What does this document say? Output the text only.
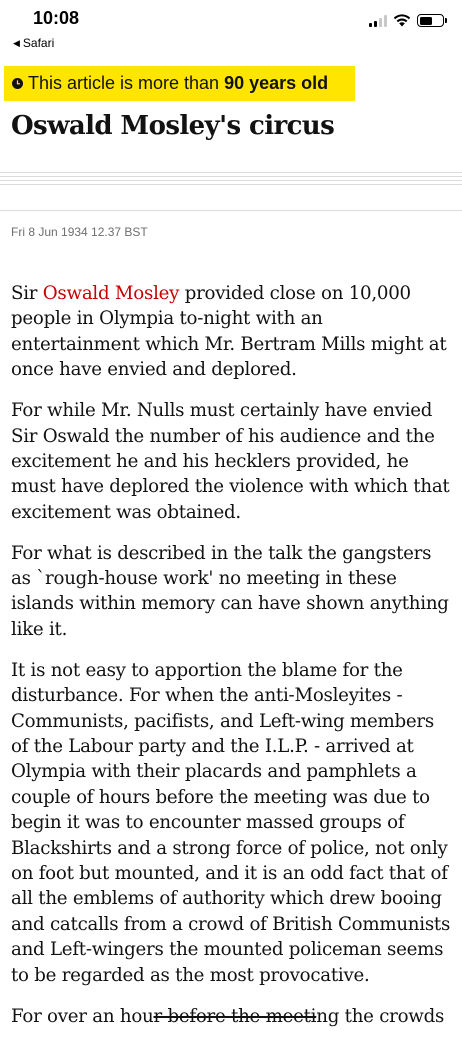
10:08
◀ Safari
This article is more than 90 years old
Oswald Mosley's circus
Fri 8 Jun 1934 12.37 BST

Sir Oswald Mosley provided close on 10,000 people in Olympia to-night with an entertainment which Mr. Bertram Mills might at once have envied and deplored.

For while Mr. Nulls must certainly have envied Sir Oswald the number of his audience and the excitement he and his hecklers provided, he must have deplored the violence with which that excitement was obtained.

For what is described in the talk the gangsters as `rough-house work' no meeting in these islands within memory can have shown anything like it.

It is not easy to apportion the blame for the disturbance. For when the anti-Mosleyites - Communists, pacifists, and Left-wing members of the Labour party and the I.L.P. - arrived at Olympia with their placards and pamphlets a couple of hours before the meeting was due to begin it was to encounter massed groups of Blackshirts and a strong force of police, not only on foot but mounted, and it is an odd fact that of all the emblems of authority which drew booing and catcalls from a crowd of British Communists and Left-wingers the mounted policeman seems to be regarded as the most provocative.

For over an hour before the meeting the crowds
